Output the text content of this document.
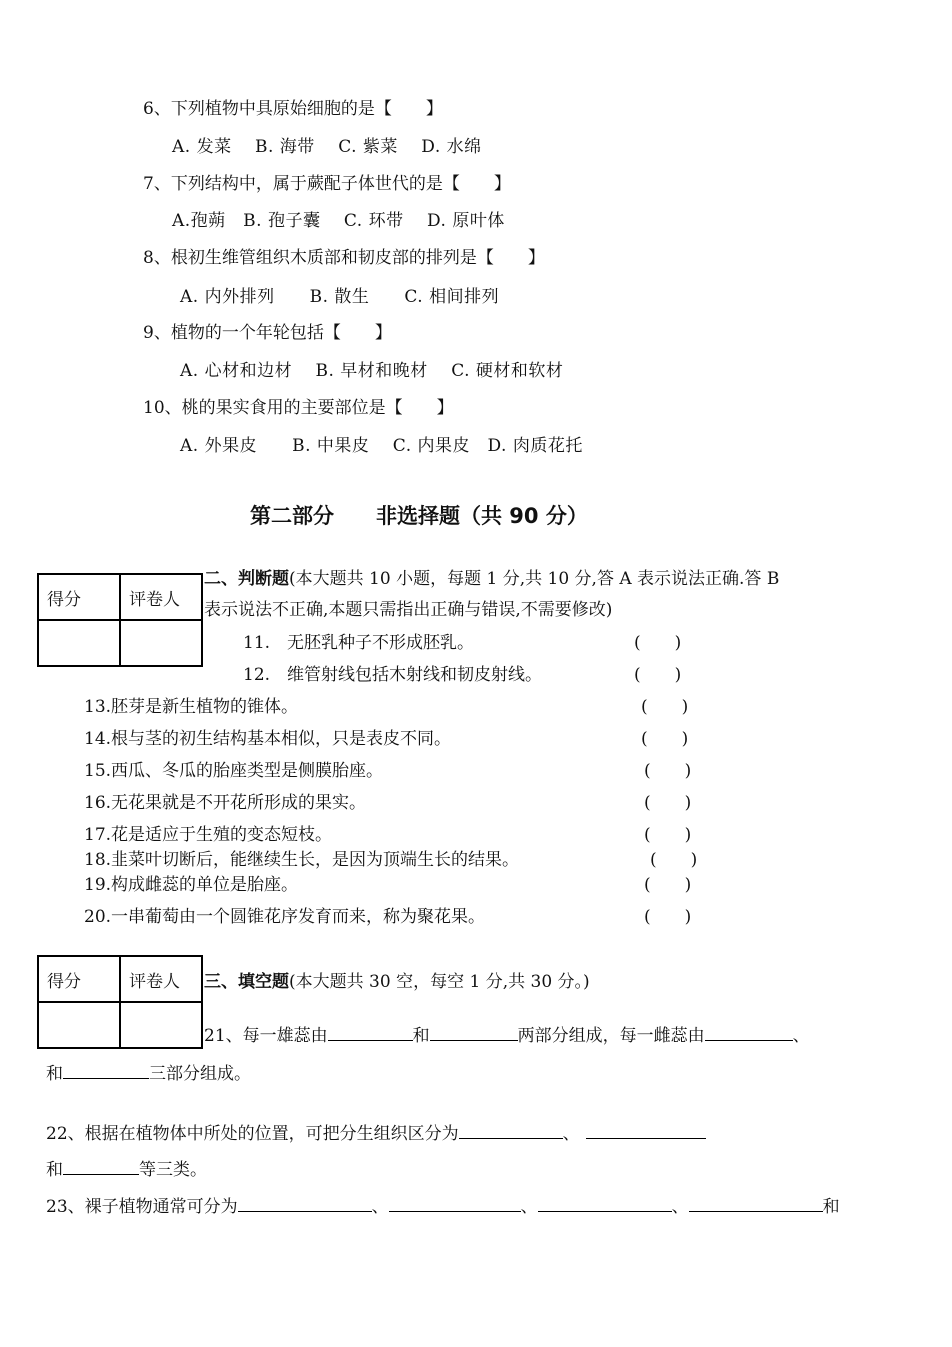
6、下列植物中具原始细胞的是【　　】
A. 发菜　 B. 海带　 C. 紫菜　 D. 水绵
7、下列结构中，属于蕨配子体世代的是【　　】
A.孢蒴　B. 孢子囊　 C. 环带　 D. 原叶体
8、根初生维管组织木质部和韧皮部的排列是【　　】
A. 内外排列　　B. 散生　　C. 相间排列
9、植物的一个年轮包括【　　】
A. 心材和边材　 B. 早材和晚材　 C. 硬材和软材
10、桃的果实食用的主要部位是【　　】
A. 外果皮　　B. 中果皮　 C. 内果皮　D. 肉质花托
第二部分　　非选择题（共 90 分）
得分	评卷人

二、判断题(本大题共 10 小题，每题 1 分,共 10 分,答 A 表示说法正确.答 B
表示说法不正确,本题只需指出正确与错误,不需要修改)
11.　无胚乳种子不形成胚乳。	(　　)
12.　维管射线包括木射线和韧皮射线。	(　　)
13.胚芽是新生植物的锥体。	(　　)
14.根与茎的初生结构基本相似，只是表皮不同。	(　　)
15.西瓜、冬瓜的胎座类型是侧膜胎座。	(　　)
16.无花果就是不开花所形成的果实。	(　　)
17.花是适应于生殖的变态短枝。	(　　)
18.韭菜叶切断后，能继续生长，是因为顶端生长的结果。	(　　)
19.构成雌蕊的单位是胎座。	(　　)
20.一串葡萄由一个圆锥花序发育而来，称为聚花果。	(　　)
得分	评卷人
	三、填空题(本大题共 30 空，每空 1 分,共 30 分。)
21、每一雄蕊由	和	两部分组成，每一雌蕊由	、
和	三部分组成。
22、根据在植物体中所处的位置，可把分生组织区分为	、
和	等三类。
23、裸子植物通常可分为	、	、	、	和
